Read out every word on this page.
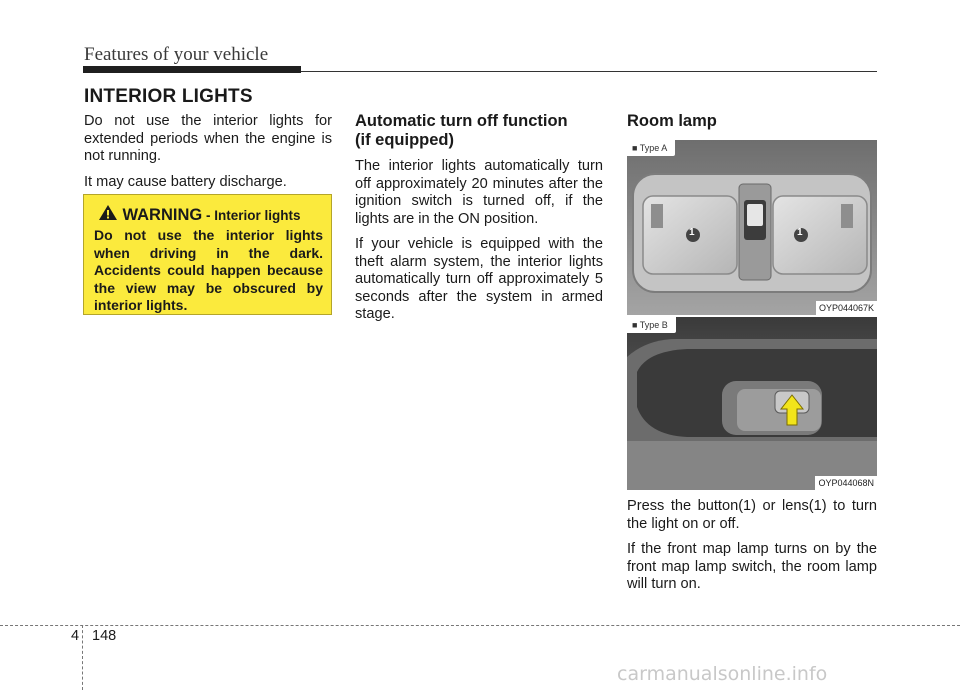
Features of your vehicle
INTERIOR LIGHTS

Do not use the interior lights for extended periods when the engine is not running.

It may cause battery discharge.

WARNING - Interior lights

Do not use the interior lights when driving in the dark. Accidents could happen because the view may be obscured by interior lights.

Automatic turn off function
(if equipped)

The interior lights automatically turn off approximately 20 minutes after the ignition switch is turned off, if the lights are in the ON position.

If your vehicle is equipped with the theft alarm system, the interior lights automatically turn off approximately 5 seconds after the system in armed stage.

Room lamp
■ Type A
1	1
OYP044067K
■ Type B
OYP044068N

Press the button(1) or lens(1) to turn the light on or off.

If the front map lamp turns on by the front map lamp switch, the room lamp will turn on.

4 148
carmanualsonline.info
